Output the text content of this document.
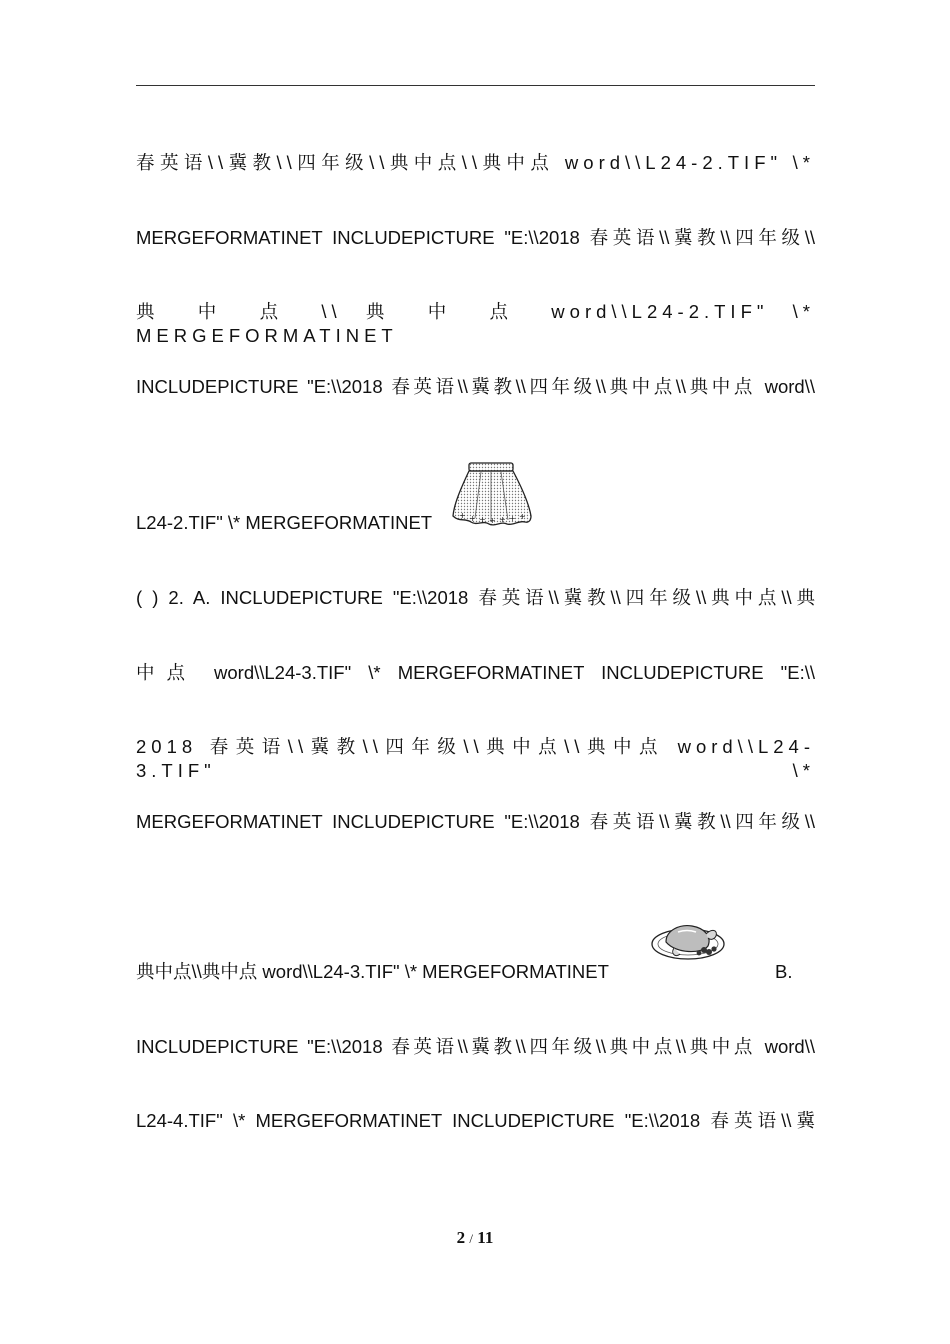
春英语\\冀教\\四年级\\典中点\\典中点 word\\L24-2.TIF" \*
MERGEFORMATINET INCLUDEPICTURE "E:\\2018 春英语\\冀教\\四年级\\
典 中 点 \\ 典 中 点 word\\L24-2.TIF" \* MERGEFORMATINET
INCLUDEPICTURE "E:\\2018 春英语\\冀教\\四年级\\典中点\\典中点 word\\
L24-2.TIF" \* MERGEFORMATINET	+ + + + + + +
( ) 2. A. INCLUDEPICTURE "E:\\2018 春英语\\冀教\\四年级\\典中点\\典
中点 word\\L24-3.TIF" \* MERGEFORMATINET INCLUDEPICTURE "E:\\
2018 春英语\\冀教\\四年级\\典中点\\典中点 word\\L24-3.TIF" \*
MERGEFORMATINET INCLUDEPICTURE "E:\\2018 春英语\\冀教\\四年级\\
典中点\\典中点 word\\L24-3.TIF" \* MERGEFORMATINET	B.
INCLUDEPICTURE "E:\\2018 春英语\\冀教\\四年级\\典中点\\典中点 word\\
L24-4.TIF" \* MERGEFORMATINET INCLUDEPICTURE "E:\\2018 春英语\\冀
2 / 11
